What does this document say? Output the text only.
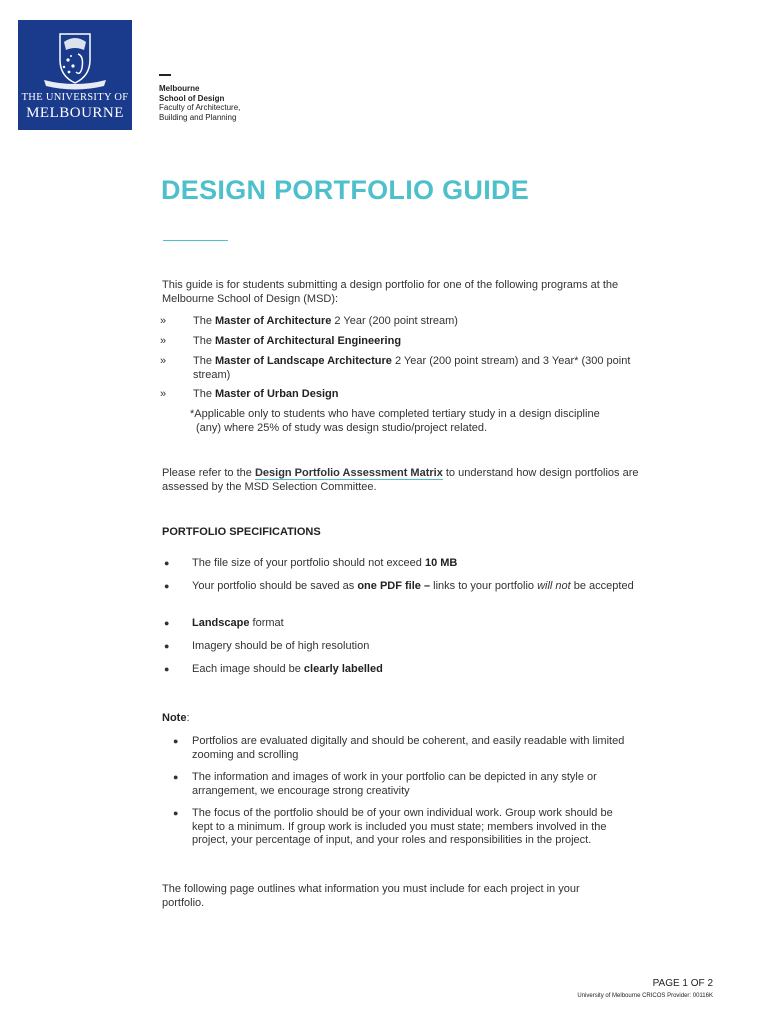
THE UNIVERSITY OF
MELBOURNE
Melbourne
School of Design
Faculty of Architecture,
Building and Planning
DESIGN PORTFOLIO GUIDE
This guide is for students submitting a design portfolio for one of the following programs at the Melbourne School of Design (MSD):
»	The Master of Architecture 2 Year (200 point stream)
»	The Master of Architectural Engineering
»	The Master of Landscape Architecture 2 Year (200 point stream) and 3 Year* (300 point stream)
»	The Master of Urban Design
*Applicable only to students who have completed tertiary study in a design discipline
(any) where 25% of study was design studio/project related.
Please refer to the Design Portfolio Assessment Matrix to understand how design portfolios are assessed by the MSD Selection Committee.
PORTFOLIO SPECIFICATIONS
● The file size of your portfolio should not exceed 10 MB
● Your portfolio should be saved as one PDF file – links to your portfolio will not be accepted
● Landscape format
● Imagery should be of high resolution
● Each image should be clearly labelled
Note:
● Portfolios are evaluated digitally and should be coherent, and easily readable with limited zooming and scrolling
● The information and images of work in your portfolio can be depicted in any style or arrangement, we encourage strong creativity
● The focus of the portfolio should be of your own individual work. Group work should be kept to a minimum. If group work is included you must state; members involved in the project, your percentage of input, and your roles and responsibilities in the project.
The following page outlines what information you must include for each project in your portfolio.
PAGE 1 OF 2
University of Melbourne CRICOS Provider: 00116K
